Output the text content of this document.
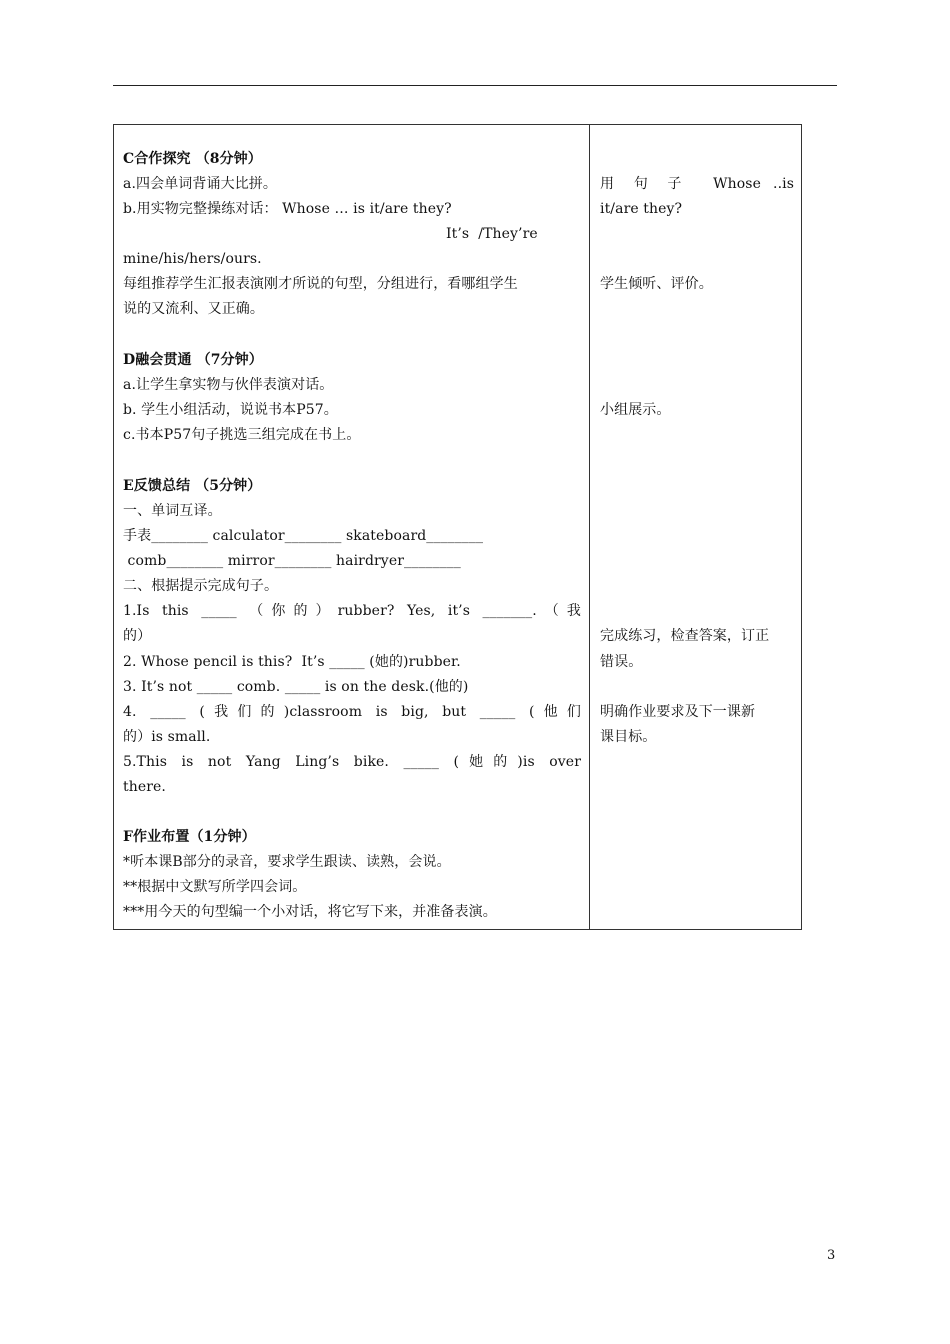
C合作探究 （8分钟）
a.四会单词背诵大比拼。
b.用实物完整操练对话： Whose … is it/are they?
It’s  /They’re
mine/his/hers/ours.
每组推荐学生汇报表演刚才所说的句型，分组进行，看哪组学生
说的又流利、又正确。
D融会贯通 （7分钟）
a.让学生拿实物与伙伴表演对话。
b. 学生小组活动，说说书本P57。
c.书本P57句子挑选三组完成在书上。
E反馈总结 （5分钟）
一、单词互译。
手表________ calculator________ skateboard________
comb________ mirror________ hairdryer________
二、根据提示完成句子。
1.Is this _____ （你的）rubber? Yes, it’s _______.（我
的）
2. Whose pencil is this?  It’s _____ (她的)rubber.
3. It’s not _____ comb. _____ is on the desk.(他的)
4. _____ (我们的)classroom is big, but _____ (他们
的）is small.
5.This is not Yang Ling’s bike. _____ (她的)is over
there.
F作业布置（1分钟）
*听本课B部分的录音，要求学生跟读、读熟，会说。
**根据中文默写所学四会词。
***用今天的句型编一个小对话，将它写下来，并准备表演。
用 句 子  Whose ..is
it/are they?
学生倾听、评价。
小组展示。
完成练习，检查答案，订正
错误。
明确作业要求及下一课新
课目标。
3
